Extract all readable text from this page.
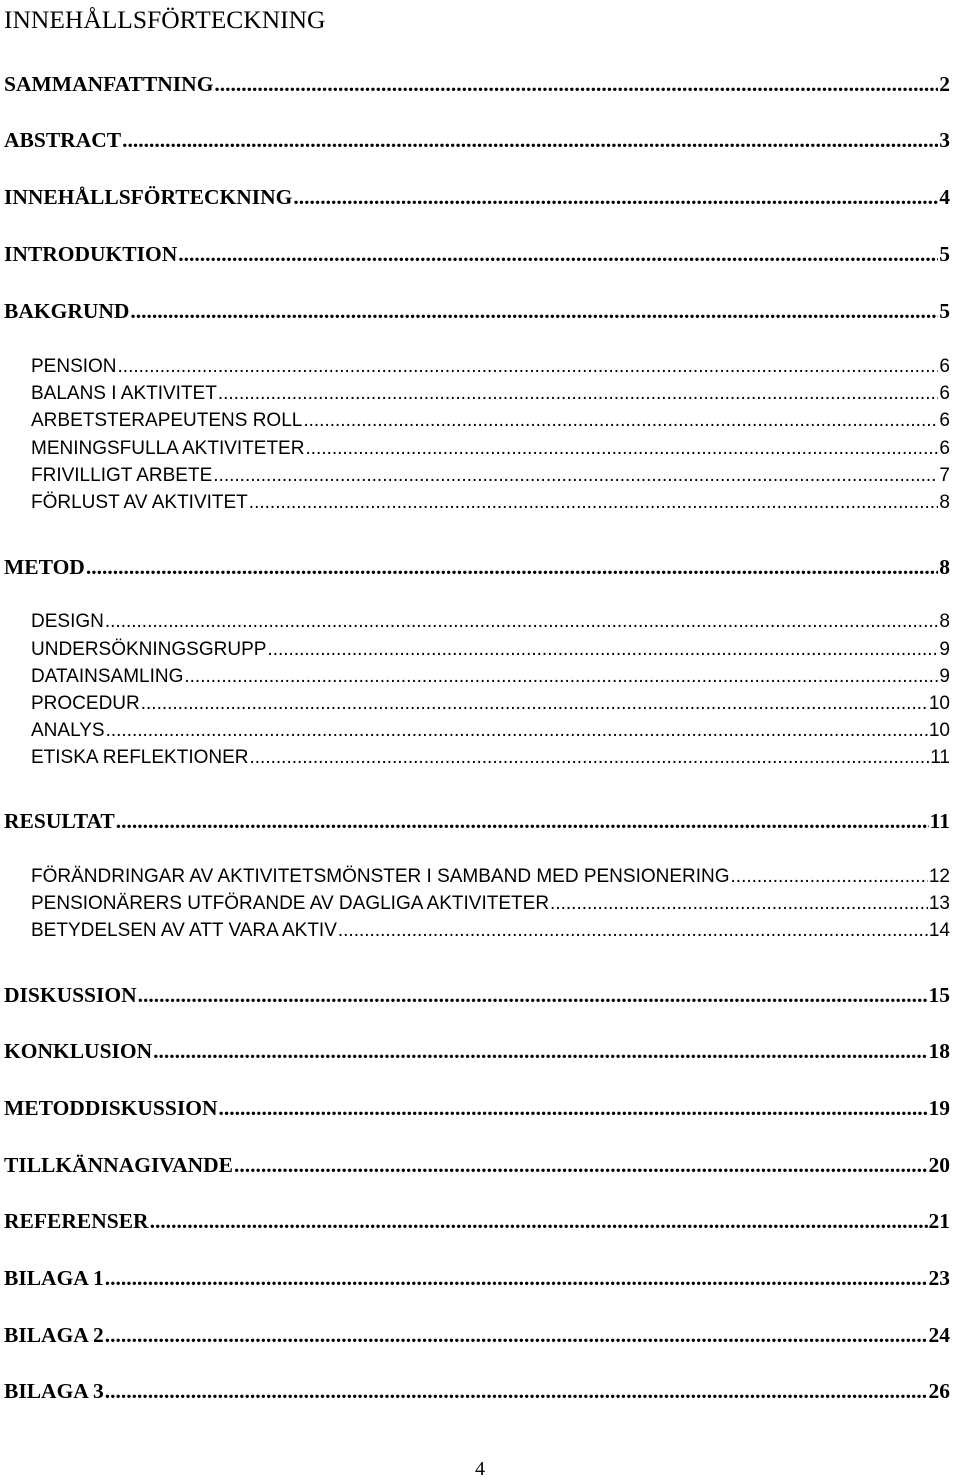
INNEHÅLLSFÖRTECKNING
SAMMANFATTNING .....	2
ABSTRACT .....	3
INNEHÅLLSFÖRTECKNING .....	4
INTRODUKTION .....	5
BAKGRUND .....	5
PENSION .....	6
BALANS I AKTIVITET .....	6
ARBETSTERAPEUTENS ROLL .....	6
MENINGSFULLA AKTIVITETER .....	6
FRIVILLIGT ARBETE .....	7
FÖRLUST AV AKTIVITET .....	8
METOD .....	8
DESIGN .....	8
UNDERSÖKNINGSGRUPP .....	9
DATAINSAMLING .....	9
PROCEDUR .....	10
ANALYS .....	10
ETISKA REFLEKTIONER .....	11
RESULTAT .....	11
FÖRÄNDRINGAR AV AKTIVITETSMÖNSTER I SAMBAND MED PENSIONERING .....	12
PENSIONÄRERS UTFÖRANDE AV DAGLIGA AKTIVITETER .....	13
BETYDELSEN AV ATT VARA AKTIV .....	14
DISKUSSION .....	15
KONKLUSION .....	18
METODDISKUSSION .....	19
TILLKÄNNAGIVANDE .....	20
REFERENSER .....	21
BILAGA 1 .....	23
BILAGA 2 .....	24
BILAGA 3 .....	26
4
